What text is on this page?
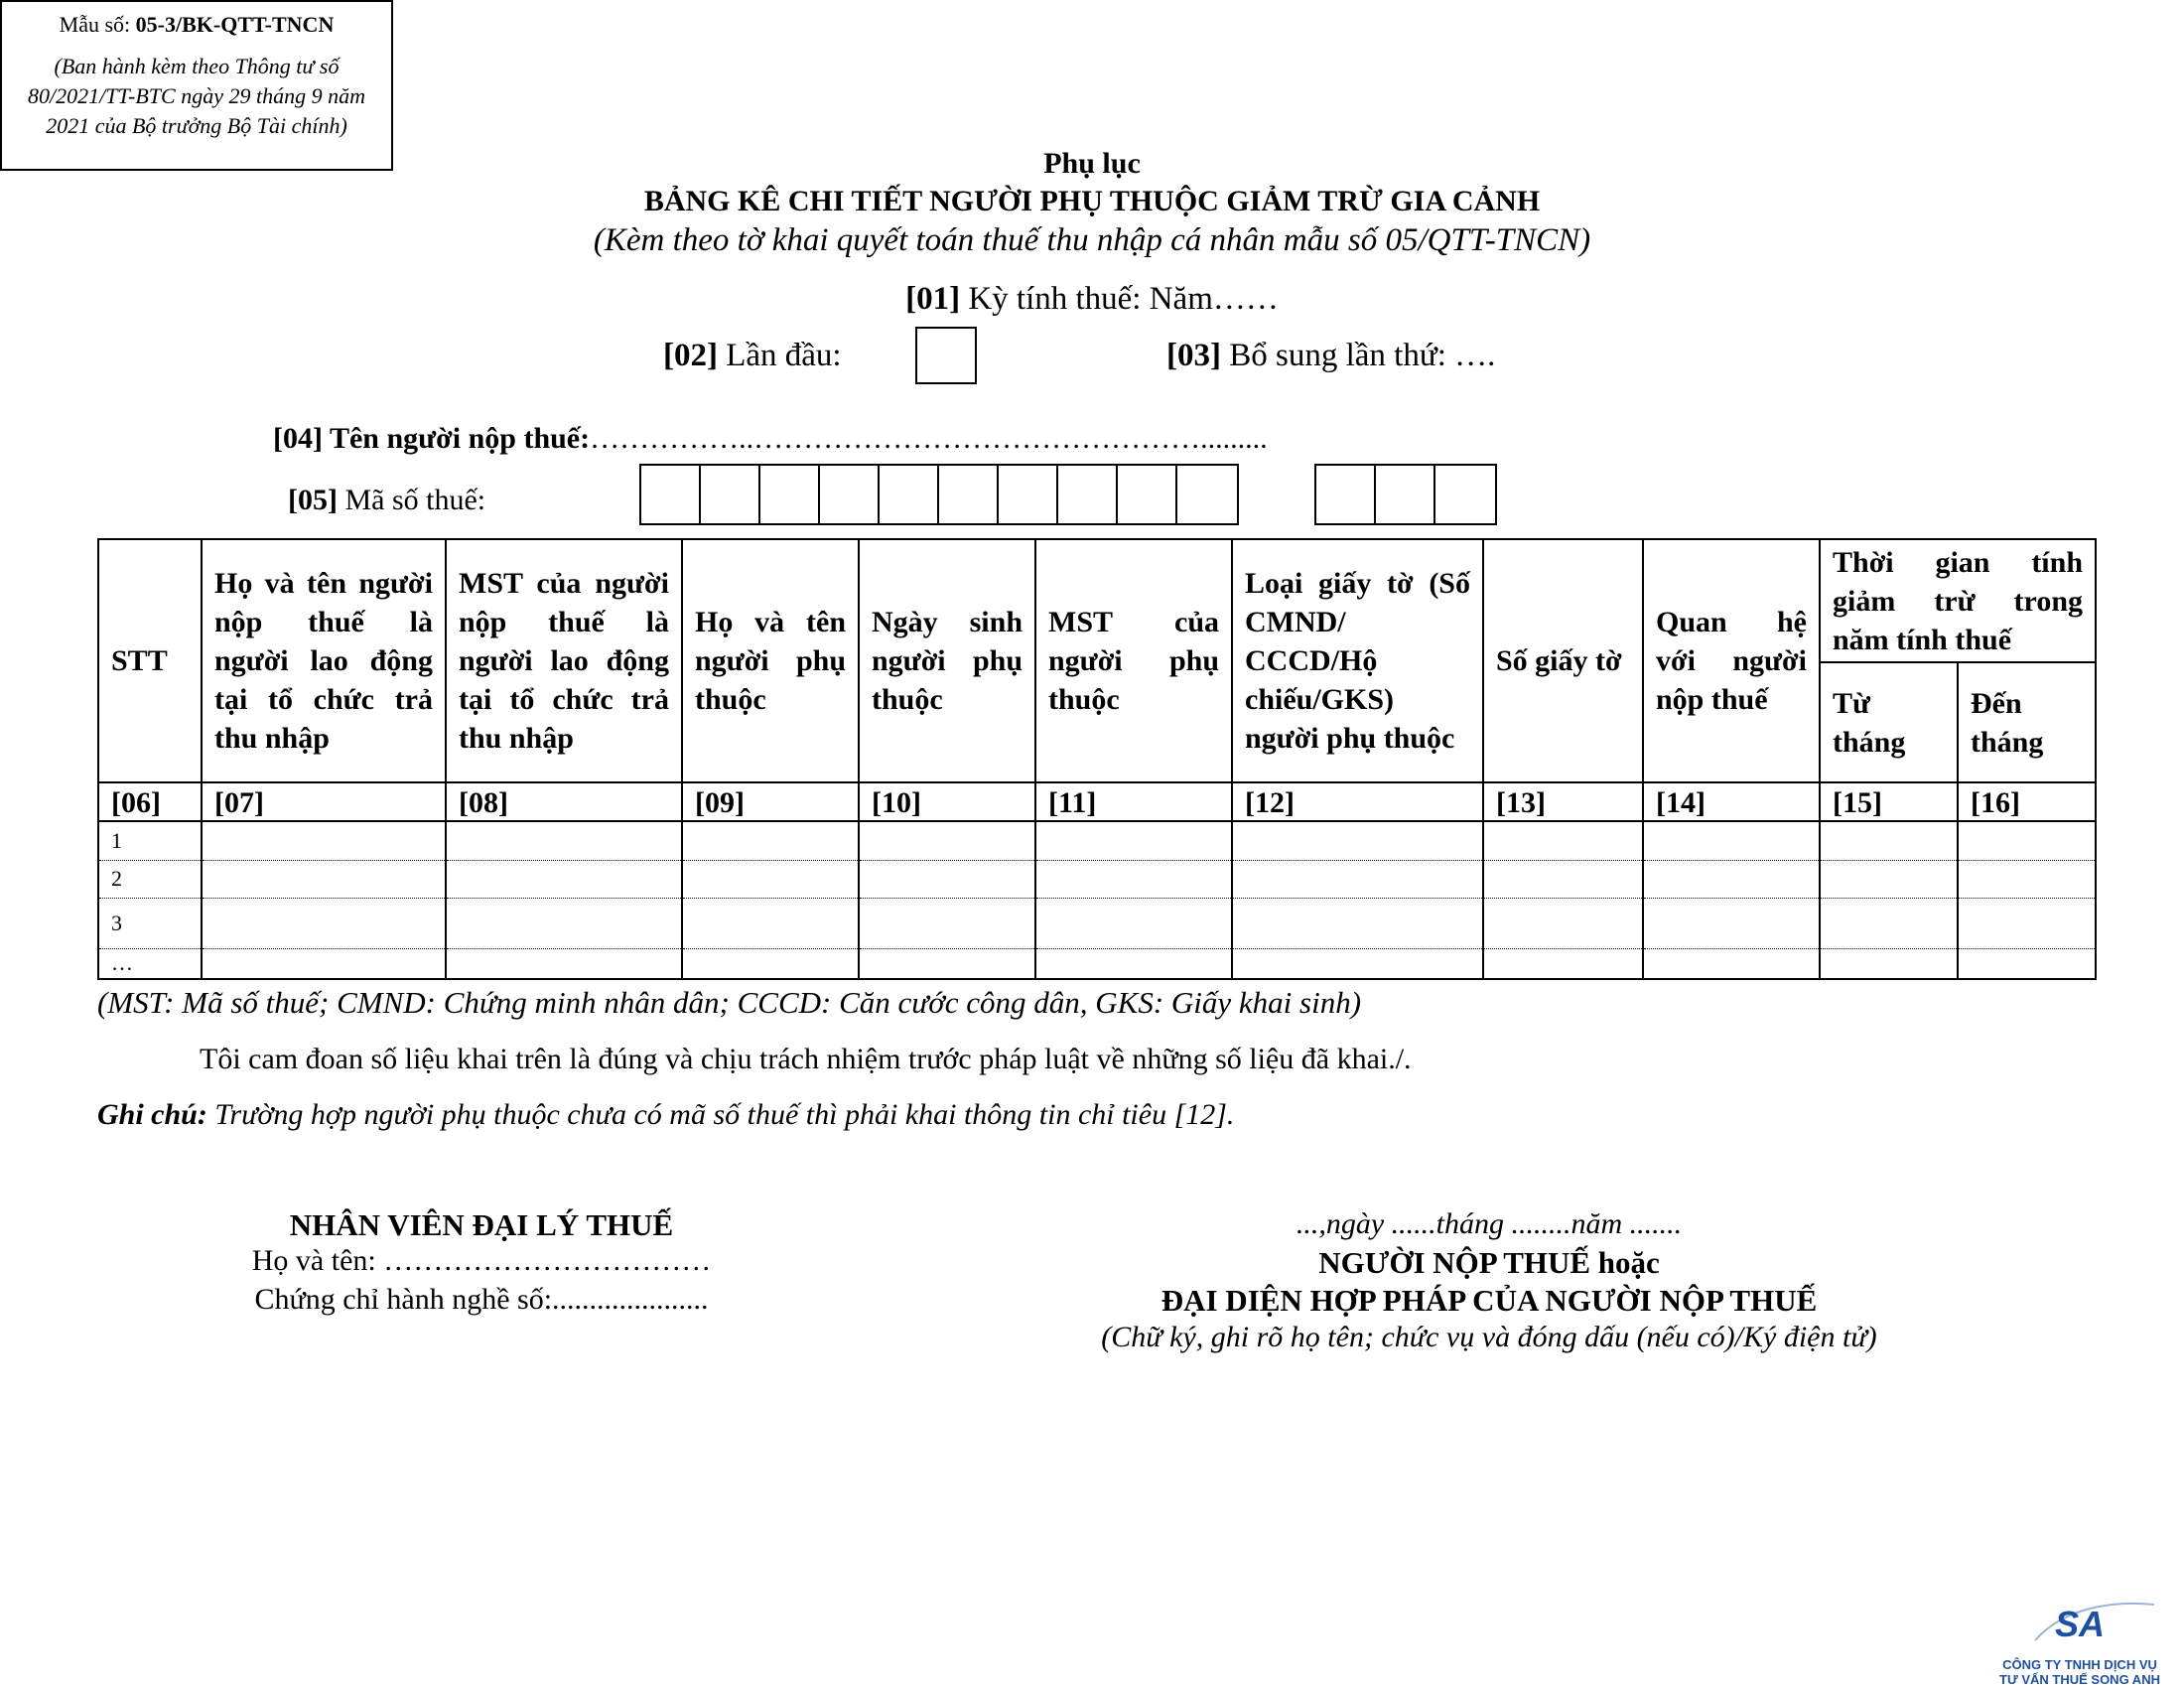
Mẫu số: 05-3/BK-QTT-TNCN
(Ban hành kèm theo Thông tư số
80/2021/TT-BTC ngày 29 tháng 9 năm
2021 của Bộ trưởng Bộ Tài chính)
Phụ lục
BẢNG KÊ CHI TIẾT NGƯỜI PHỤ THUỘC GIẢM TRỪ GIA CẢNH
(Kèm theo tờ khai quyết toán thuế thu nhập cá nhân mẫu số 05/QTT-TNCN)
[01] Kỳ tính thuế: Năm……
[02] Lần đầu:	[03] Bổ sung lần thứ: ….
[04] Tên người nộp thuế:……………..……………………………………….........
[05] Mã số thuế:
STT	Họ và tên người nộp thuế là người lao động tại tổ chức trả thu nhập	MST của người nộp thuế là người lao động tại tổ chức trả thu nhập	Họ và tên người phụ thuộc	Ngày sinh người phụ thuộc	MST của người phụ thuộc	Loại giấy tờ (Số CMND/ CCCD/Hộ chiếu/GKS) người phụ thuộc	Số giấy tờ	Quan hệ với người nộp thuế	Thời gian tính giảm trừ trong năm tính thuế	
									Từ tháng	Đến tháng
[06]	[07]	[08]	[09]	[10]	[11]	[12]	[13]	[14]	[15]	[16]
1										
2										
3										
…										
(MST: Mã số thuế; CMND: Chứng minh nhân dân; CCCD: Căn cước công dân, GKS: Giấy khai sinh)
Tôi cam đoan số liệu khai trên là đúng và chịu trách nhiệm trước pháp luật về những số liệu đã khai./.
Ghi chú: Trường hợp người phụ thuộc chưa có mã số thuế thì phải khai thông tin chỉ tiêu [12].
NHÂN VIÊN ĐẠI LÝ THUẾ
Họ và tên: ……………………………
Chứng chỉ hành nghề số:.....................
...,ngày ......tháng ........năm .......
NGƯỜI NỘP THUẾ hoặc
ĐẠI DIỆN HỢP PHÁP CỦA NGƯỜI NỘP THUẾ
(Chữ ký, ghi rõ họ tên; chức vụ và đóng dấu (nếu có)/Ký điện tử)
SA
CÔNG TY TNHH DỊCH VỤ
TƯ VẤN THUẾ SONG ANH
